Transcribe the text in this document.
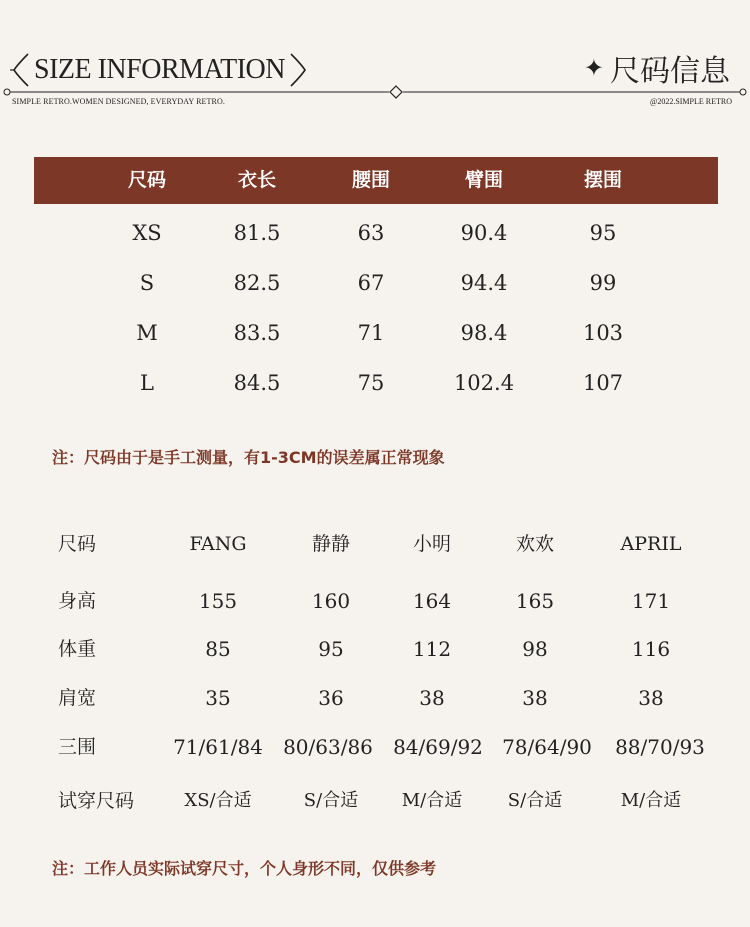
SIZE INFORMATION	✦ 尺码信息
SIMPLE RETRO.WOMEN DESIGNED, EVERYDAY RETRO.	@2022.SIMPLE RETRO
尺码	衣长	腰围	臂围	摆围
XS	81.5	63	90.4	95
S	82.5	67	94.4	99
M	83.5	71	98.4	103
L	84.5	75	102.4	107
注：尺码由于是手工测量，有1-3CM的误差属正常现象
尺码	FANG	静静	小明	欢欢	APRIL
身高	155	160	164	165	171
体重	85	95	112	98	116
肩宽	35	36	38	38	38
三围	71/61/84	80/63/86	84/69/92 78/64/90	88/70/93
试穿尺码	XS/合适	S/合适	M/合适	S/合适	M/合适
注：工作人员实际试穿尺寸，个人身形不同，仅供参考
